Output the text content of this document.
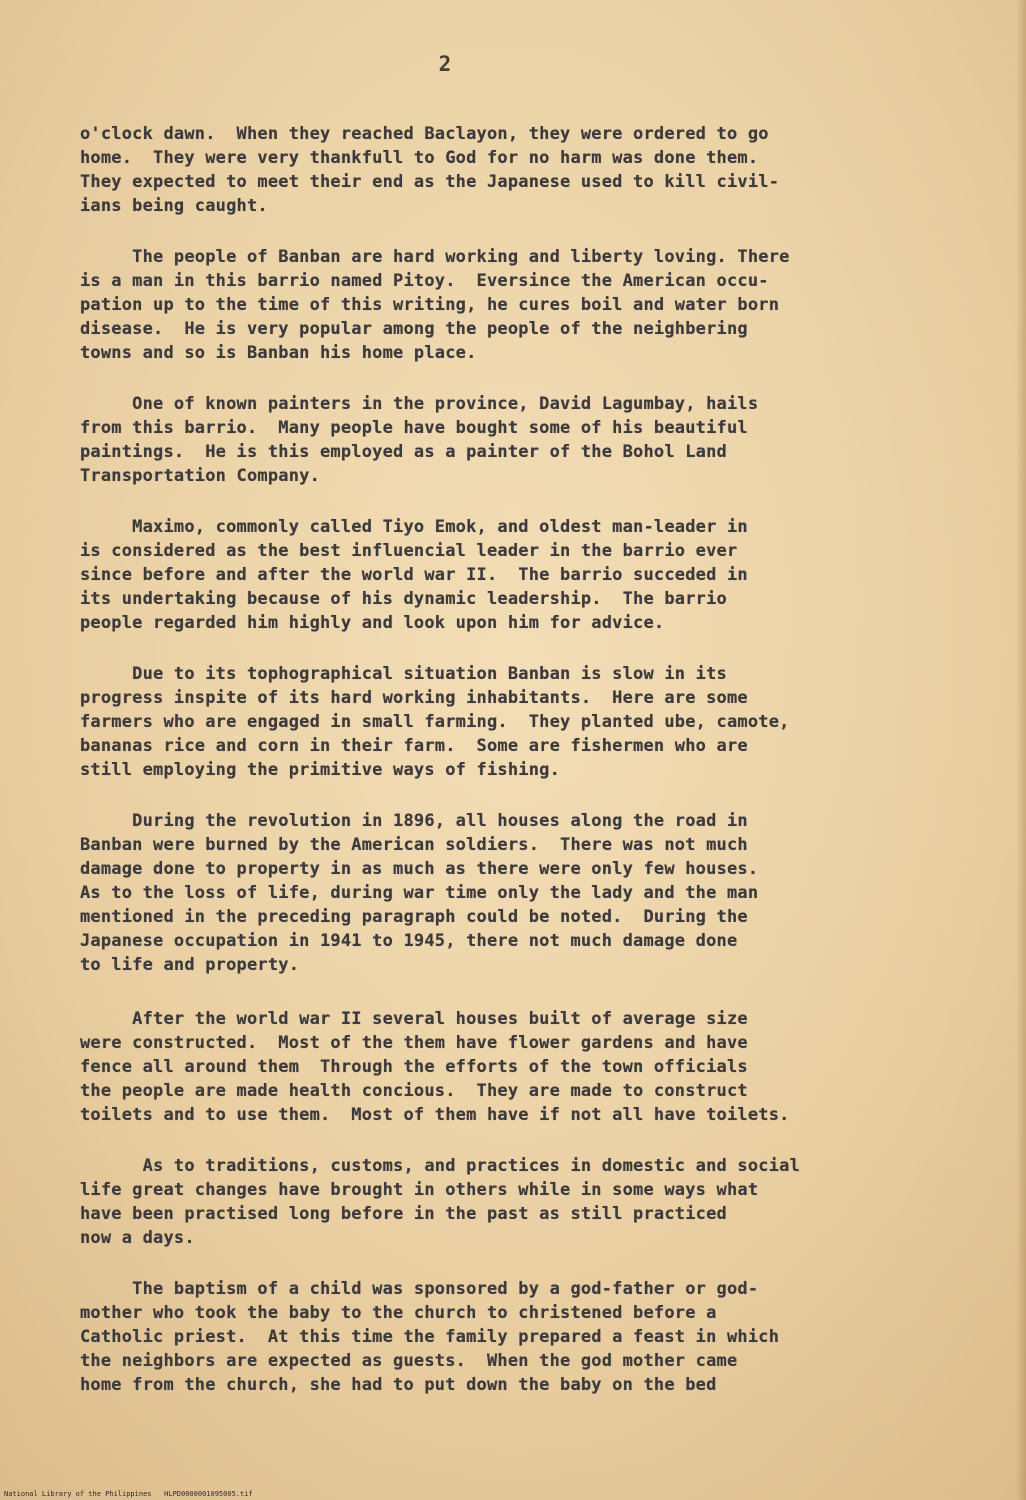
2
o'clock dawn.  When they reached Baclayon, they were ordered to go
home.  They were very thankfull to God for no harm was done them.
They expected to meet their end as the Japanese used to kill civil-
ians being caught.
The people of Banban are hard working and liberty loving. There
is a man in this barrio named Pitoy.  Eversince the American occu-
pation up to the time of this writing, he cures boil and water born
disease.  He is very popular among the people of the neighbering
towns and so is Banban his home place.
One of known painters in the province, David Lagumbay, hails
from this barrio.  Many people have bought some of his beautiful
paintings.  He is this employed as a painter of the Bohol Land
Transportation Company.
Maximo, commonly called Tiyo Emok, and oldest man-leader in
is considered as the best influencial leader in the barrio ever
since before and after the world war II.  The barrio succeded in
its undertaking because of his dynamic leadership.  The barrio
people regarded him highly and look upon him for advice.
Due to its tophographical situation Banban is slow in its
progress inspite of its hard working inhabitants.  Here are some
farmers who are engaged in small farming.  They planted ube, camote,
bananas rice and corn in their farm.  Some are fishermen who are
still employing the primitive ways of fishing.
During the revolution in 1896, all houses along the road in
Banban were burned by the American soldiers.  There was not much
damage done to property in as much as there were only few houses.
As to the loss of life, during war time only the lady and the man
mentioned in the preceding paragraph could be noted.  During the
Japanese occupation in 1941 to 1945, there not much damage done
to life and property.
After the world war II several houses built of average size
were constructed.  Most of the them have flower gardens and have
fence all around them  Through the efforts of the town officials
the people are made health concious.  They are made to construct
toilets and to use them.  Most of them have if not all have toilets.
As to traditions, customs, and practices in domestic and social
life great changes have brought in others while in some ways what
have been practised long before in the past as still practiced
now a days.
The baptism of a child was sponsored by a god-father or god-
mother who took the baby to the church to christened before a
Catholic priest.  At this time the family prepared a feast in which
the neighbors are expected as guests.  When the god mother came
home from the church, she had to put down the baby on the bed
National Library of the Philippines   HLPD0000001095005.tif
